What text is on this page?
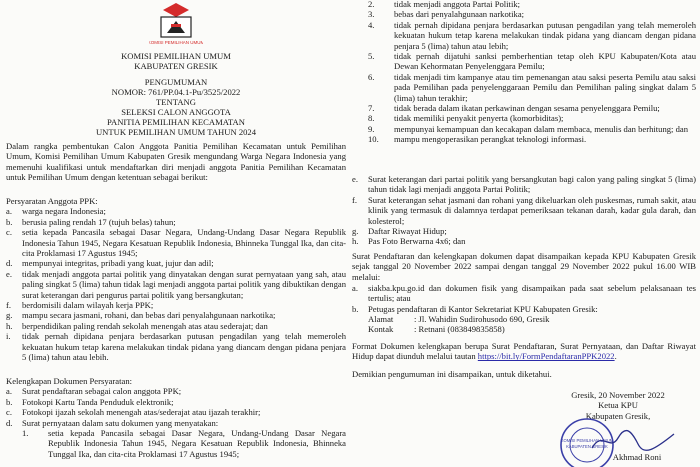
KOMISI PEMILIHAN UMUM
KOMISI PEMILIHAN UMUM
KABUPATEN GRESIK
PENGUMUMAN
NOMOR: 761/PP.04.1-Pu/3525/2022
TENTANG
SELEKSI CALON ANGGOTA
PANITIA PEMILIHAN KECAMATAN
UNTUK PEMILIHAN UMUM TAHUN 2024

Dalam rangka pembentukan Calon Anggota Panitia Pemilihan Kecamatan untuk Pemilihan Umum, Komisi Pemilihan Umum Kabupaten Gresik mengundang Warga Negara Indonesia yang memenuhi kualifikasi untuk mendaftarkan diri menjadi anggota Panitia Pemilihan Kecamatan untuk Pemilihan Umum dengan ketentuan sebagai berikut:

Persyaratan Anggota PPK:
a. warga negara Indonesia;
b. berusia paling rendah 17 (tujuh belas) tahun;
c. setia kepada Pancasila sebagai Dasar Negara, Undang-Undang Dasar Negara Republik Indonesia Tahun 1945, Negara Kesatuan Republik Indonesia, Bhinneka Tunggal Ika, dan cita-cita Proklamasi 17 Agustus 1945;
d. mempunyai integritas, pribadi yang kuat, jujur dan adil;
e. tidak menjadi anggota partai politik yang dinyatakan dengan surat pernyataan yang sah, atau paling singkat 5 (lima) tahun tidak lagi menjadi anggota partai politik yang dibuktikan dengan surat keterangan dari pengurus partai politik yang bersangkutan;
f. berdomisili dalam wilayah kerja PPK;
g. mampu secara jasmani, rohani, dan bebas dari penyalahgunaan narkotika;
h. berpendidikan paling rendah sekolah menengah atas atau sederajat; dan
i. tidak pernah dipidana penjara berdasarkan putusan pengadilan yang telah memeroleh kekuatan hukum tetap karena melakukan tindak pidana yang diancam dengan pidana penjara 5 (lima) tahun atau lebih.
Kelengkapan Dokumen Persyaratan:
a. Surat pendaftaran sebagai calon anggota PPK;
b. Fotokopi Kartu Tanda Penduduk elektronik;
c. Fotokopi ijazah sekolah menengah atas/sederajat atau ijazah terakhir;
d. Surat pernyataan dalam satu dokumen yang menyatakan:
1. setia kepada Pancasila sebagai Dasar Negara, Undang-Undang Dasar Negara Republik Indonesia Tahun 1945, Negara Kesatuan Republik Indonesia, Bhinneka Tunggal Ika, dan cita-cita Proklamasi 17 Agustus 1945;
2. tidak menjadi anggota Partai Politik;
3. bebas dari penyalahgunaan narkotika;
4. tidak pernah dipidana penjara berdasarkan putusan pengadilan yang telah memeroleh kekuatan hukum tetap karena melakukan tindak pidana yang diancam dengan pidana penjara 5 (lima) tahun atau lebih;
5. tidak pernah dijatuhi sanksi pemberhentian tetap oleh KPU Kabupaten/Kota atau Dewan Kehormatan Penyelenggara Pemilu;
6. tidak menjadi tim kampanye atau tim pemenangan atau saksi peserta Pemilu atau saksi pada Pemilihan pada penyelenggaraan Pemilu dan Pemilihan paling singkat dalam 5 (lima) tahun terakhir;
7. tidak berada dalam ikatan perkawinan dengan sesama penyelenggara Pemilu;
8. tidak memiliki penyakit penyerta (komorbiditas);
9. mempunyai kemampuan dan kecakapan dalam membaca, menulis dan berhitung; dan
10. mampu mengoperasikan perangkat teknologi informasi.
e. Surat keterangan dari partai politik yang bersangkutan bagi calon yang paling singkat 5 (lima) tahun tidak lagi menjadi anggota Partai Politik;
f. Surat keterangan sehat jasmani dan rohani yang dikeluarkan oleh puskesmas, rumah sakit, atau klinik yang termasuk di dalamnya terdapat pemeriksaan tekanan darah, kadar gula darah, dan kolesterol;
g. Daftar Riwayat Hidup;
h. Pas Foto Berwarna 4x6; dan

Surat Pendaftaran dan kelengkapan dokumen dapat disampaikan kepada KPU Kabupaten Gresik sejak tanggal 20 November 2022 sampai dengan tanggal 29 November 2022 pukul 16.00 WIB melalui:

a. siakba.kpu.go.id dan dokumen fisik yang disampaikan pada saat sebelum pelaksanaan tes tertulis; atau
b. Petugas pendaftaran di Kantor Sekretariat KPU Kabupaten Gresik:
Alamat : Jl. Wahidin Sudirohusodo 690, Gresik
Kontak : Retnani (083849835858)

Format Dokumen kelengkapan berupa Surat Pendaftaran, Surat Pernyataan, dan Daftar Riwayat Hidup dapat diunduh melalui tautan https://bit.ly/FormPendaftaranPPK2022.

Demikian pengumuman ini disampaikan, untuk diketahui.

Gresik, 20 November 2022
Ketua KPU
Kabupaten Gresik,
KOMISI PEMILIHAN UMUM
KABUPATEN GRESIK
Akhmad Roni
